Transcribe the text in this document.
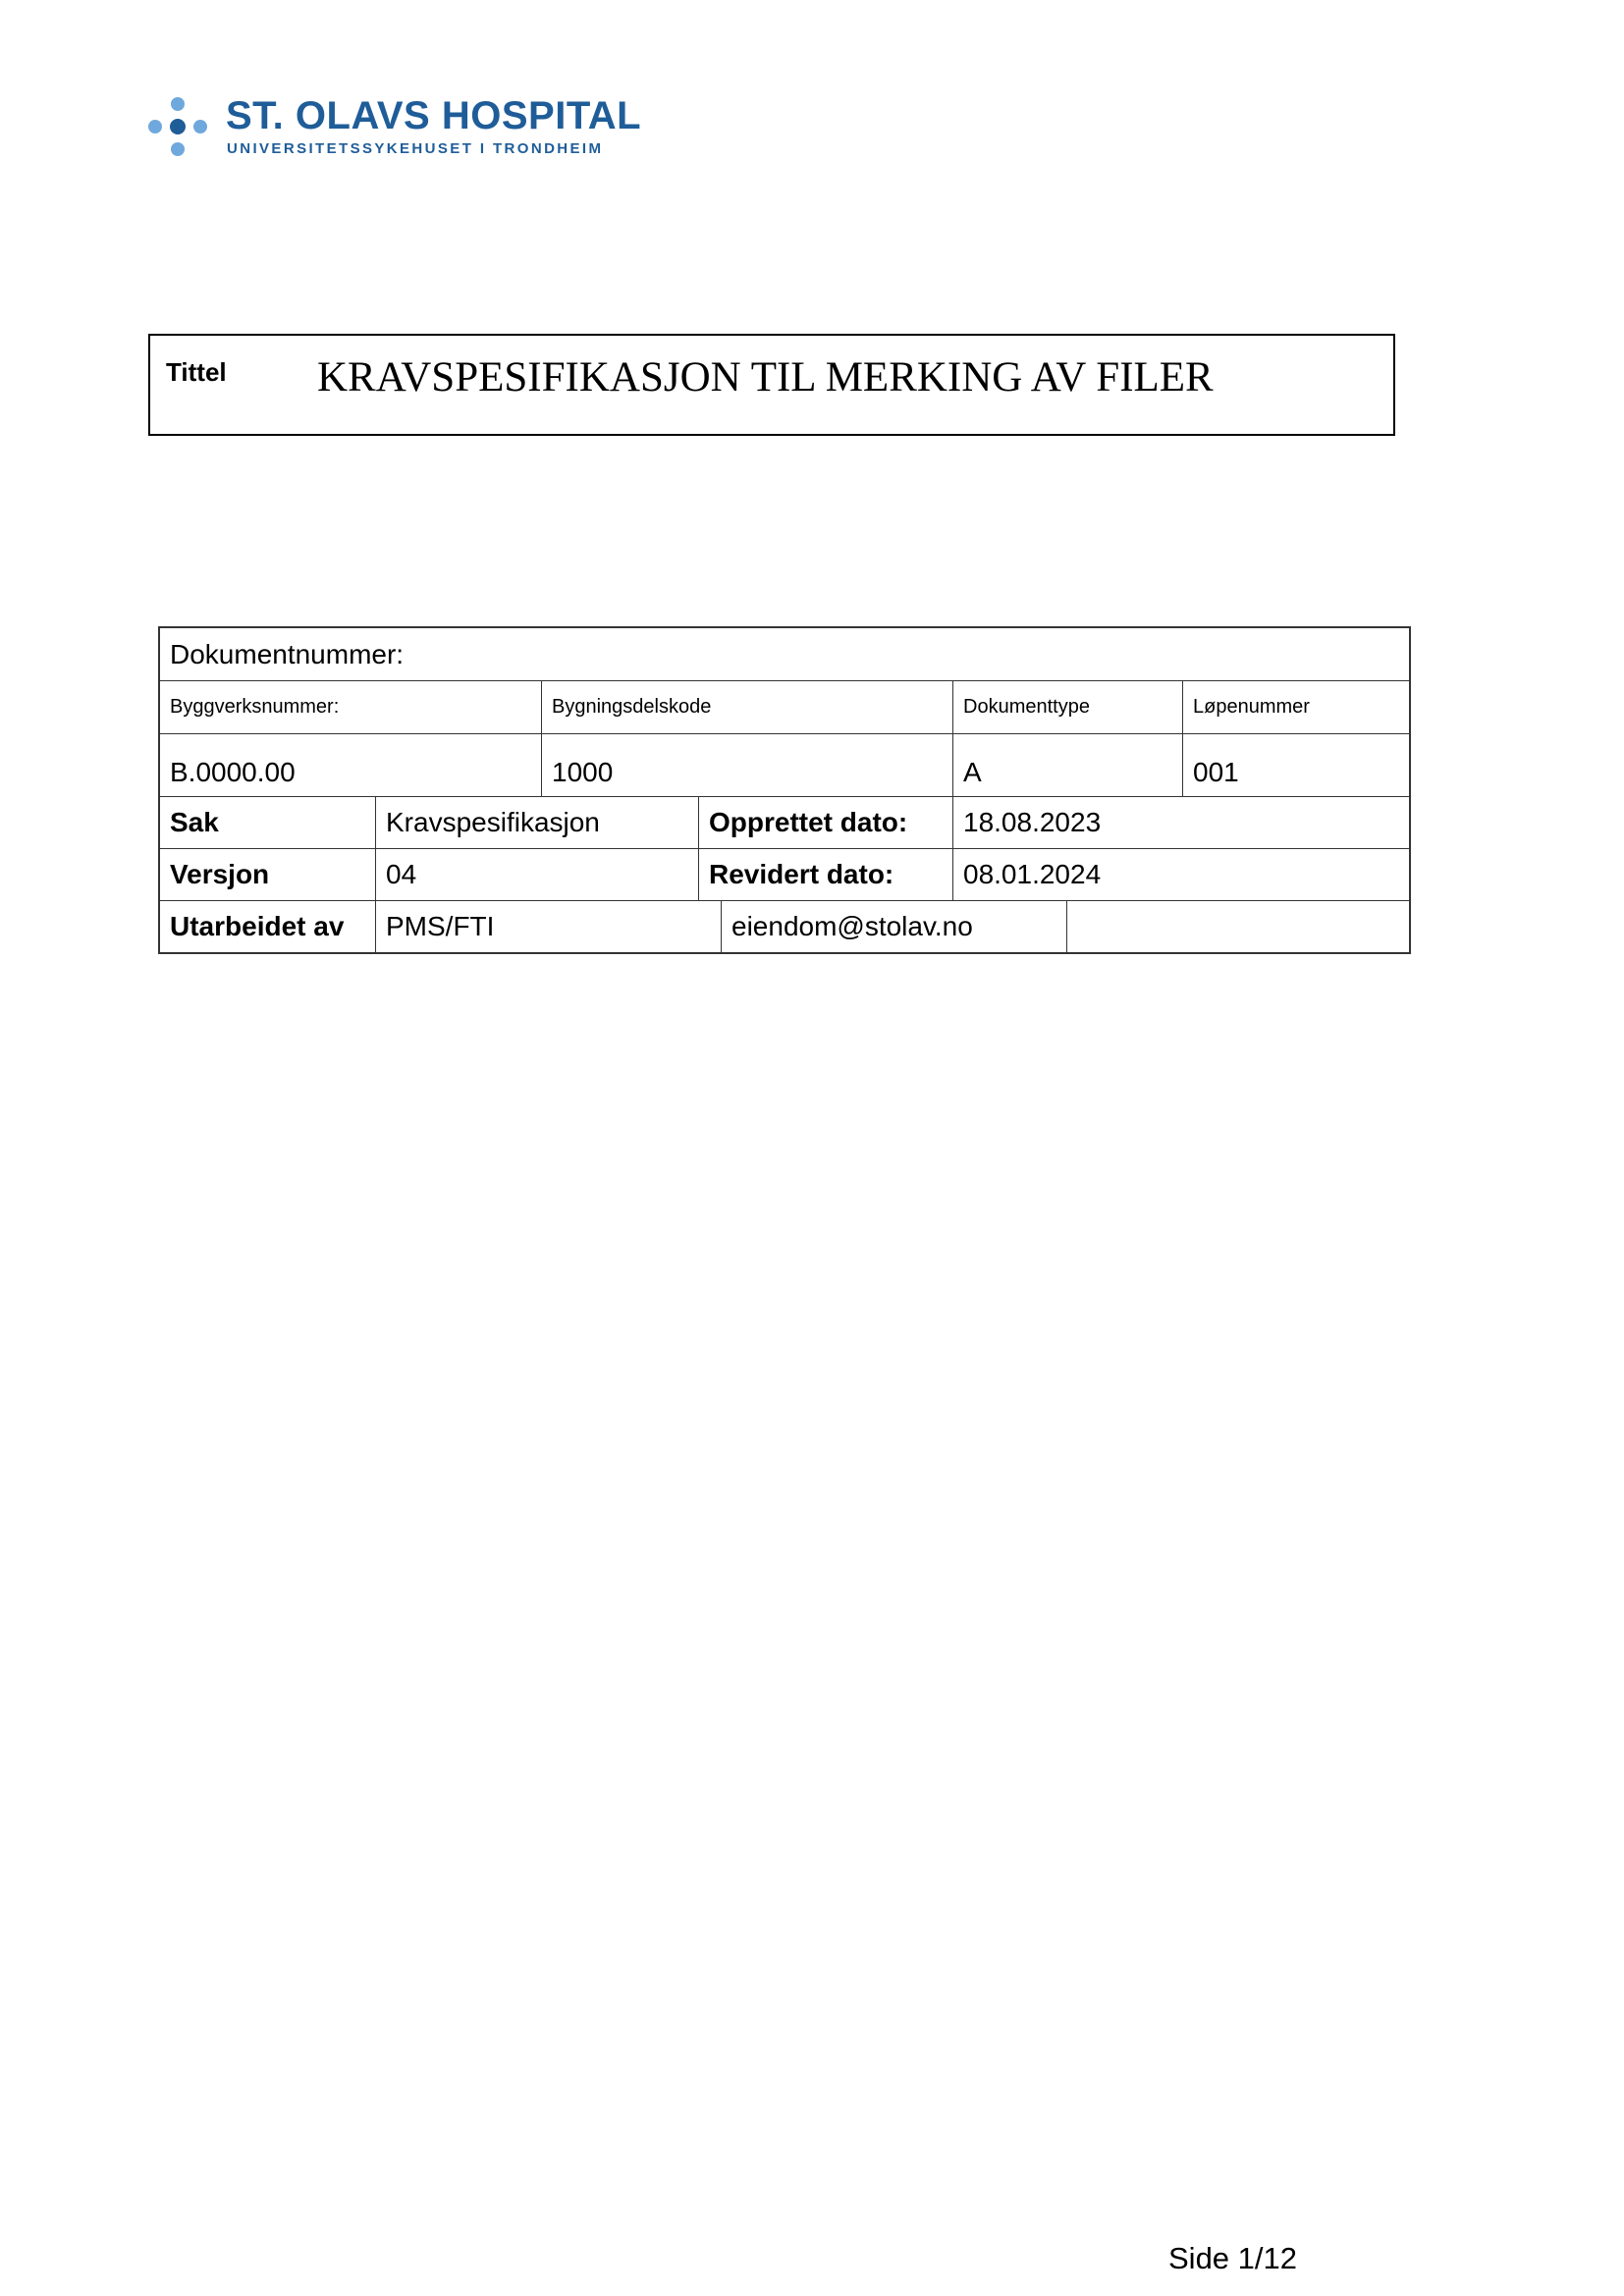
ST. OLAVS HOSPITAL
UNIVERSITETSSYKEHUSET I TRONDHEIM
Tittel KRAVSPESIFIKASJON TIL MERKING AV FILER
Dokumentnummer:
Byggverksnummer:	Bygningsdelskode	Dokumenttype	Løpenummer
B.0000.00	1000	A	001
Sak	Kravspesifikasjon	Opprettet dato:	18.08.2023
Versjon	04	Revidert dato:	08.01.2024
Utarbeidet av	PMS/FTI	eiendom@stolav.no
Side 1/12
